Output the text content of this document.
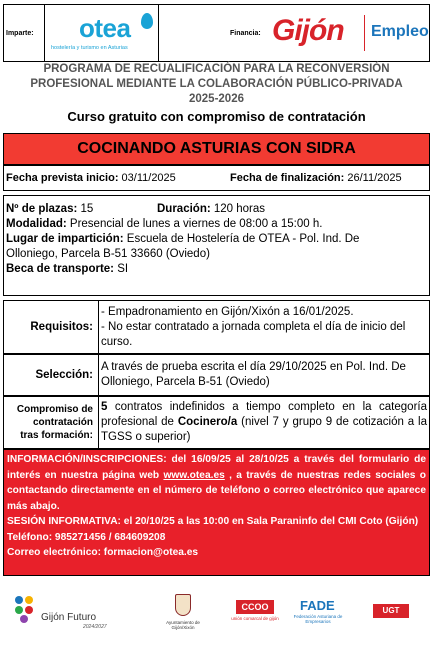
Imparte: otea
hostelería y turismo en Asturias
Financia: Gijón Empleo
PROGRAMA DE RECUALIFICACIÓN PARA LA RECONVERSIÓN
PROFESIONAL MEDIANTE LA COLABORACIÓN PÚBLICO-PRIVADA
2025-2026
Curso gratuito con compromiso de contratación
COCINANDO ASTURIAS CON SIDRA
Fecha prevista inicio: 03/11/2025	Fecha de finalización: 26/11/2025
Nº de plazas: 15	Duración: 120 horas
Modalidad: Presencial de lunes a viernes de 08:00 a 15:00 h.
Lugar de impartición: Escuela de Hostelería de OTEA - Pol. Ind. De
Olloniego, Parcela B-51 33660 (Oviedo)
Beca de transporte: SI
Requisitos:
- Empadronamiento en Gijón/Xixón a 16/01/2025.
- No estar contratado a jornada completa el día de inicio del curso.
Selección:
A través de prueba escrita el día 29/10/2025 en Pol. Ind. De Olloniego, Parcela B-51 (Oviedo)
Compromiso de
contratación
tras formación:
5 contratos indefinidos a tiempo completo en la categoría profesional de Cocinero/a (nivel 7 y grupo 9 de cotización a la TGSS o superior)
INFORMACIÓN/INSCRIPCIONES: del 16/09/25 al 28/10/25 a través del formulario de interés en nuestra página web www.otea.es , a través de nuestras redes sociales o contactando directamente en el número de teléfono o correo electrónico que aparece más abajo.
SESIÓN INFORMATIVA: el 20/10/25 a las 10:00 en Sala Paraninfo del CMI Coto (Gijón)
Teléfono: 985271456 / 684609208
Correo electrónico: formacion@otea.es
Gijón Futuro
2024/2027
Ayuntamiento de Gijón/Xixón
CCOO
unión comarcal de gijón
FADE
Federación Asturiana de Empresarios
UGT
